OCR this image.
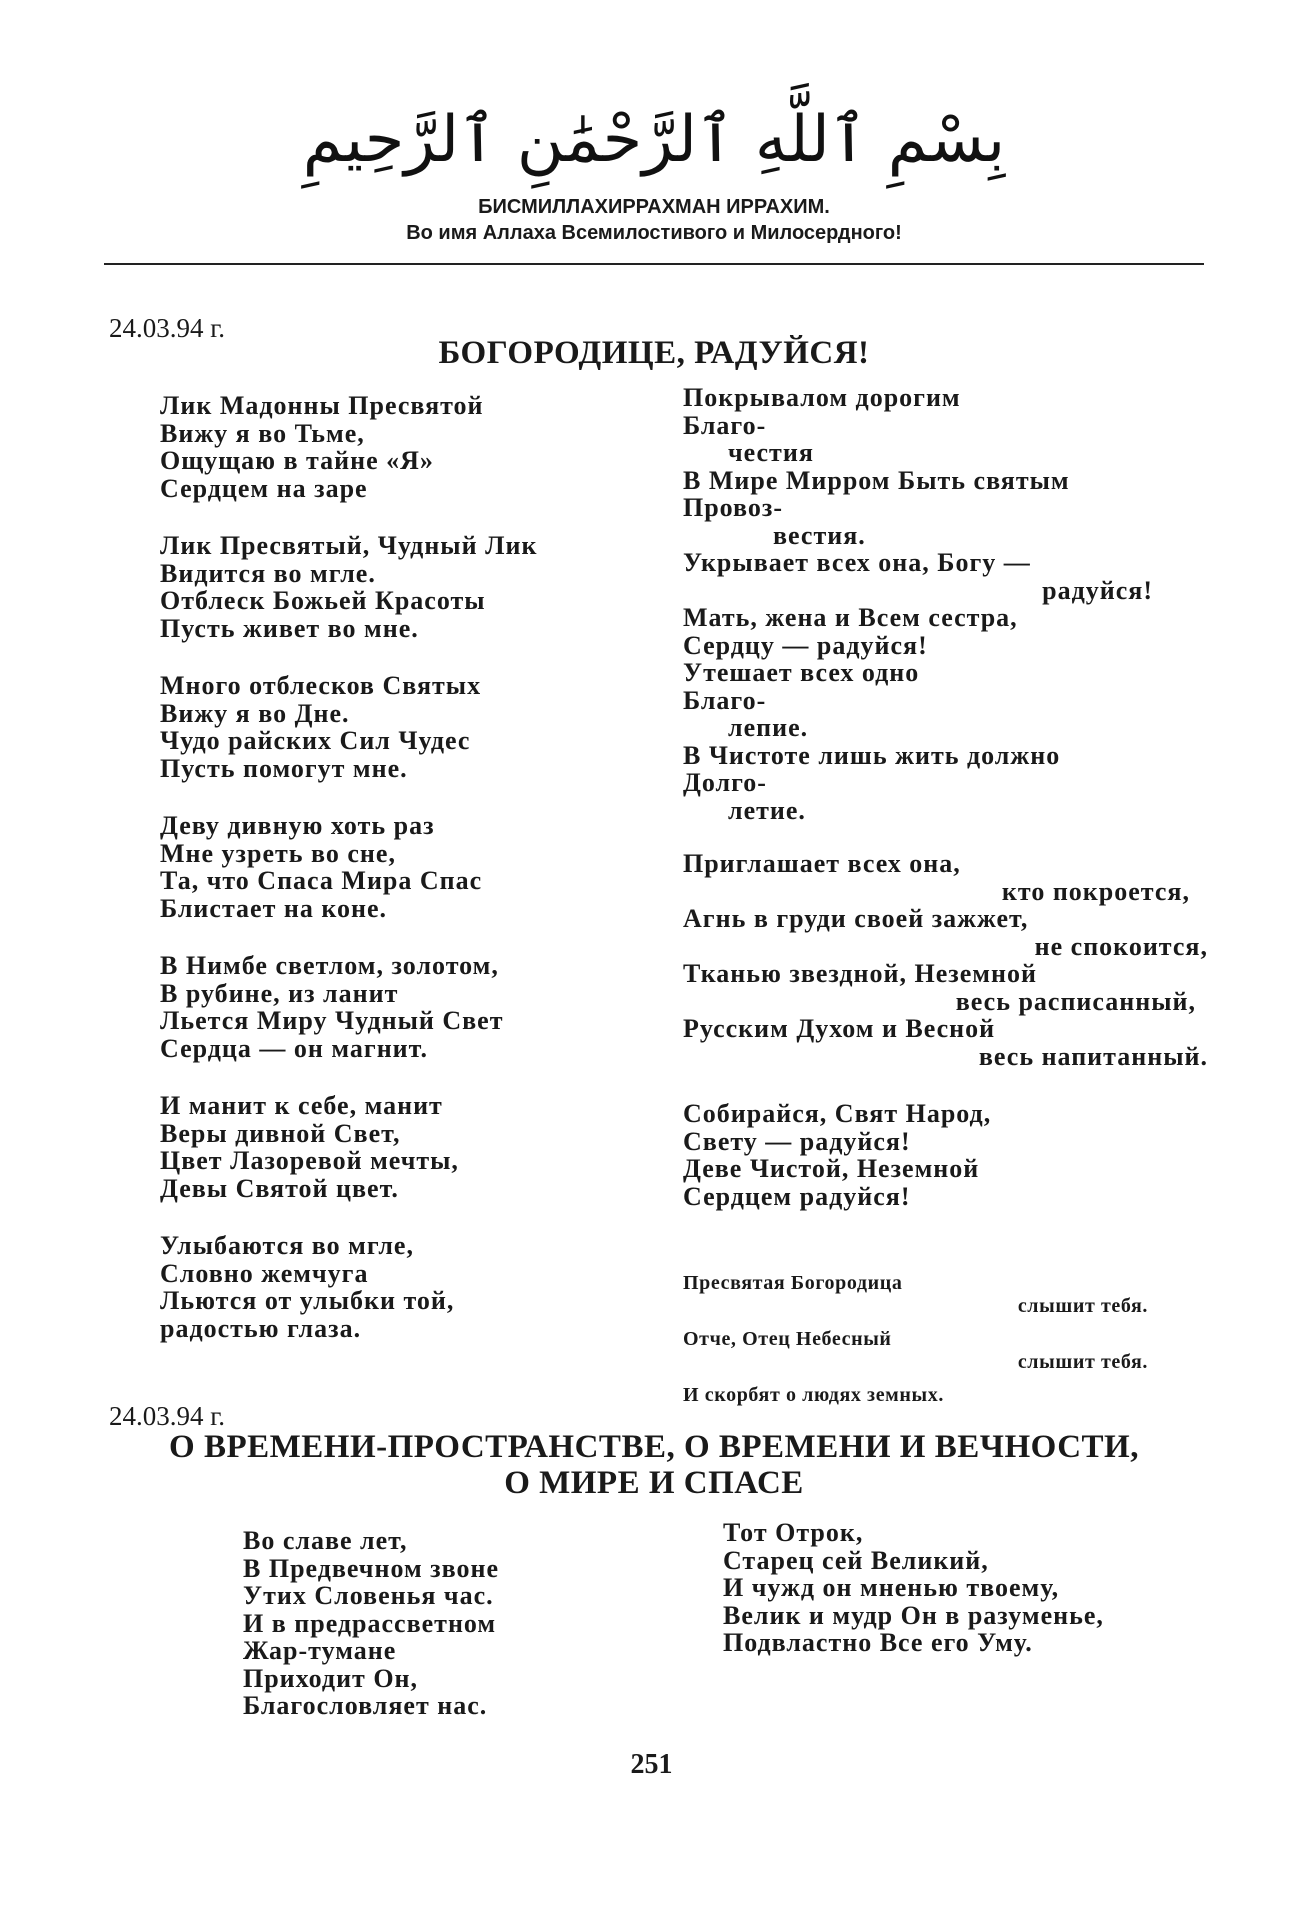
بِسْمِ ٱللَّهِ ٱلرَّحْمَٰنِ ٱلرَّحِيمِ
БИСМИЛЛАХИРРАХМАН ИРРАХИМ.
Во имя Аллаха Всемилостивого и Милосердного!
24.03.94 г.
БОГОРОДИЦЕ, РАДУЙСЯ!
Лик Мадонны Пресвятой
Вижу я во Тьме,
Ощущаю в тайне «Я»
Сердцем на заре
Лик Пресвятый, Чудный Лик
Видится во мгле.
Отблеск Божьей Красоты
Пусть живет во мне.
Много отблесков Святых
Вижу я во Дне.
Чудо райских Сил Чудес
Пусть помогут мне.
Деву дивную хоть раз
Мне узреть во сне,
Та, что Спаса Мира Спас
Блистает на коне.
В Нимбе светлом, золотом,
В рубине, из ланит
Льется Миру Чудный Свет
Сердца — он магнит.
И манит к себе, манит
Веры дивной Свет,
Цвет Лазоревой мечты,
Девы Святой цвет.
Улыбаются во мгле,
Словно жемчуга
Льются от улыбки той,
радостью глаза.
Покрывалом дорогим
Благо-
честия
В Мире Мирром Быть святым
Провоз-
вестия.
Укрывает всех она, Богу —
радуйся!
Мать, жена и Всем сестра,
Сердцу — радуйся!
Утешает всех одно
Благо-
лепие.
В Чистоте лишь жить должно
Долго-
летие.
Приглашает всех она,
кто покроется,
Агнь в груди своей зажжет,
не спокоится,
Тканью звездной, Неземной
весь расписанный,
Русским Духом и Весной
весь напитанный.
Собирайся, Свят Народ,
Свету — радуйся!
Деве Чистой, Неземной
Сердцем радуйся!
Пресвятая Богородица
слышит тебя.
Отче, Отец Небесный
слышит тебя.
И скорбят о людях земных.
24.03.94 г.
О ВРЕМЕНИ-ПРОСТРАНСТВЕ, О ВРЕМЕНИ И ВЕЧНОСТИ,
О МИРЕ И СПАСЕ
Во славе лет,
В Предвечном звоне
Утих Словенья час.
И в предрассветном
Жар-тумане
Приходит Он,
Благословляет нас.
Тот Отрок,
Старец сей Великий,
И чужд он мненью твоему,
Велик и мудр Он в разуменье,
Подвластно Все его Уму.
251
